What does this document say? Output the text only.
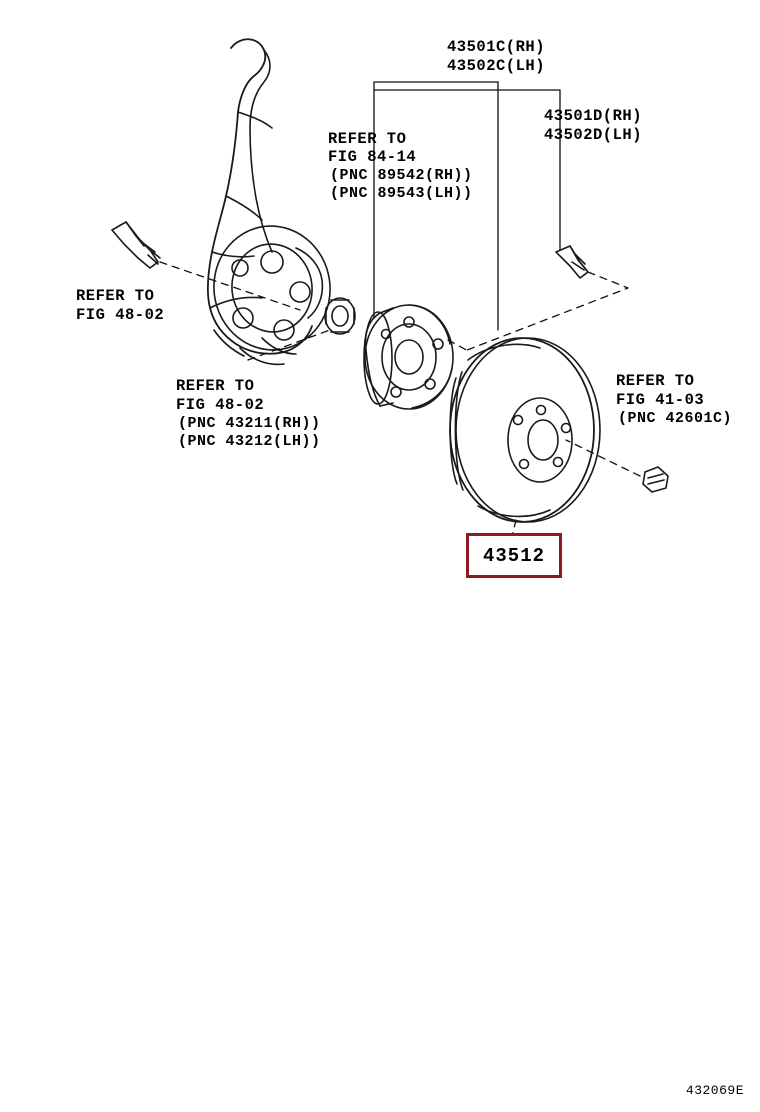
43501C(RH)
43502C(LH)
43501D(RH)
43502D(LH)
REFER TO
FIG 84-14
(PNC 89542(RH))
(PNC 89543(LH))
REFER TO
FIG 48-02
REFER TO
FIG 48-02
(PNC 43211(RH))
(PNC 43212(LH))
REFER TO
FIG 41-03
(PNC 42601C)
43512
432069E
